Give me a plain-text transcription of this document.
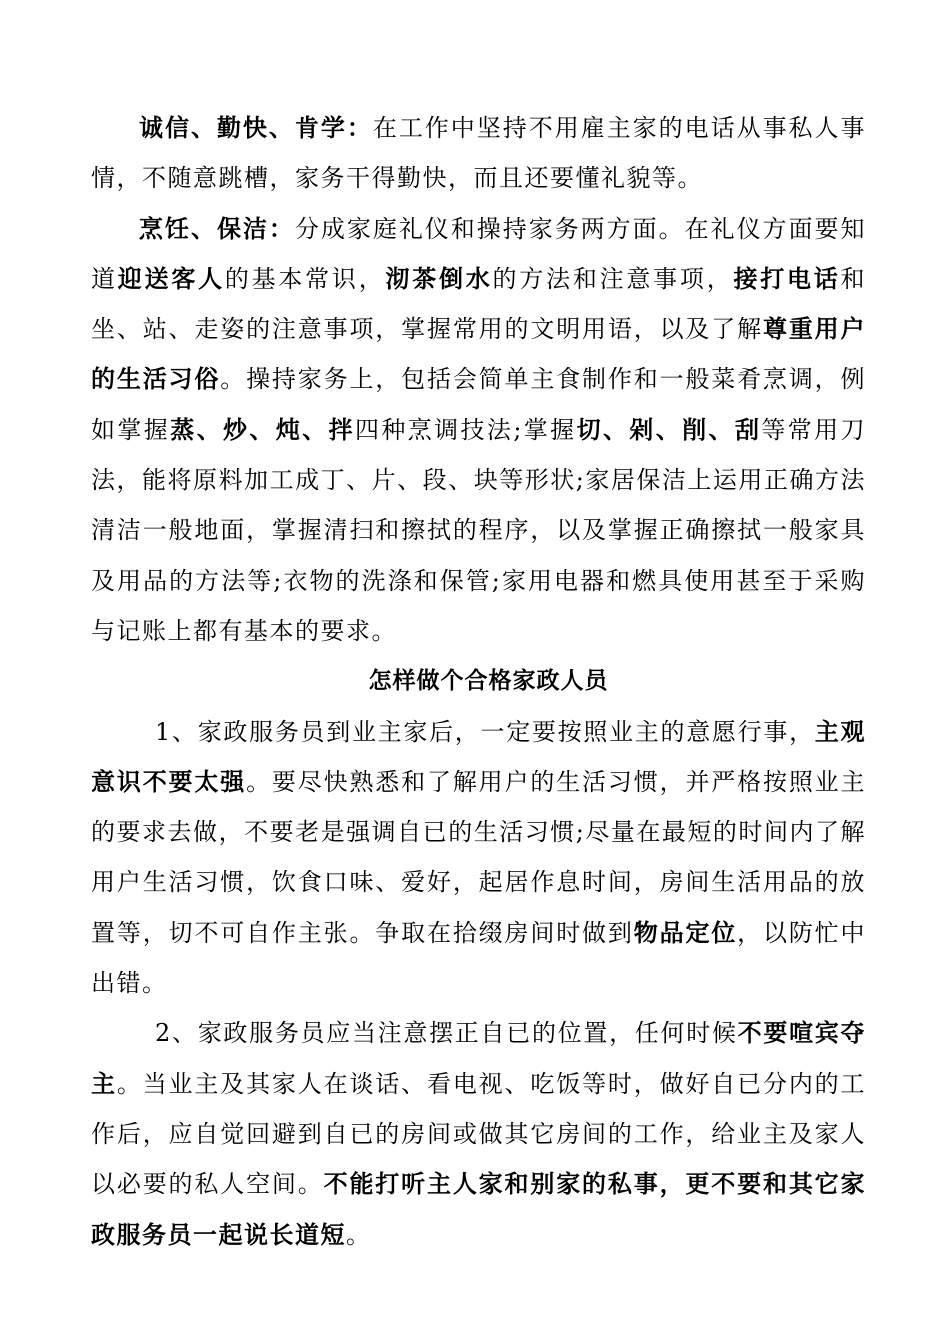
诚信、勤快、肯学：在工作中坚持不用雇主家的电话从事私人事情，不随意跳槽，家务干得勤快，而且还要懂礼貌等。

烹饪、保洁：分成家庭礼仪和操持家务两方面。在礼仪方面要知道迎送客人的基本常识，沏茶倒水的方法和注意事项，接打电话和坐、站、走姿的注意事项，掌握常用的文明用语，以及了解尊重用户的生活习俗。操持家务上，包括会简单主食制作和一般菜肴烹调，例如掌握蒸、炒、炖、拌四种烹调技法;掌握切、剁、削、刮等常用刀法，能将原料加工成丁、片、段、块等形状;家居保洁上运用正确方法清洁一般地面，掌握清扫和擦拭的程序，以及掌握正确擦拭一般家具及用品的方法等;衣物的洗涤和保管;家用电器和燃具使用甚至于采购与记账上都有基本的要求。

怎样做个合格家政人员

1、家政服务员到业主家后，一定要按照业主的意愿行事，主观意识不要太强。要尽快熟悉和了解用户的生活习惯，并严格按照业主的要求去做，不要老是强调自已的生活习惯;尽量在最短的时间内了解用户生活习惯，饮食口味、爱好，起居作息时间，房间生活用品的放置等，切不可自作主张。争取在拾缀房间时做到物品定位，以防忙中出错。

2、家政服务员应当注意摆正自已的位置，任何时候不要喧宾夺主。当业主及其家人在谈话、看电视、吃饭等时，做好自已分内的工作后，应自觉回避到自已的房间或做其它房间的工作，给业主及家人以必要的私人空间。不能打听主人家和别家的私事，更不要和其它家政服务员一起说长道短。
